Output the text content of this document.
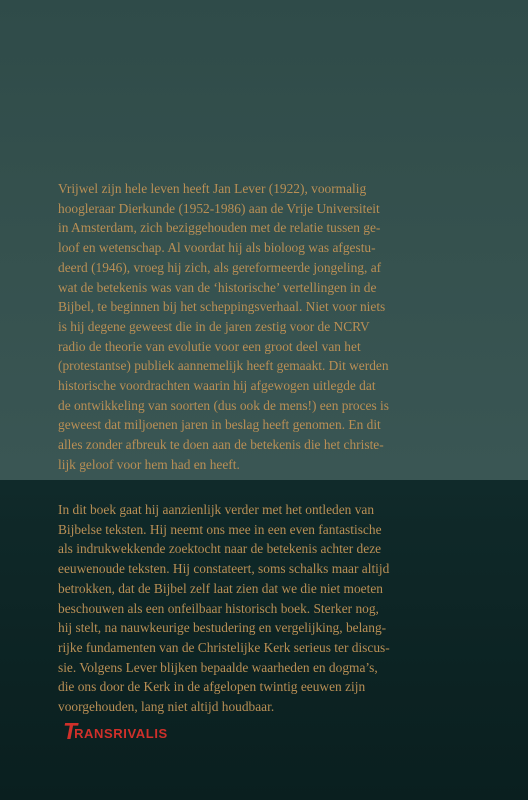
Vrijwel zijn hele leven heeft Jan Lever (1922), voormalig
hoogleraar Dierkunde (1952-1986) aan de Vrije Universiteit
in Amsterdam, zich beziggehouden met de relatie tussen ge-
loof en wetenschap. Al voordat hij als bioloog was afgestu-
deerd (1946), vroeg hij zich, als gereformeerde jongeling, af
wat de betekenis was van de ‘historische’ vertellingen in de
Bijbel, te beginnen bij het scheppingsverhaal. Niet voor niets
is hij degene geweest die in de jaren zestig voor de NCRV
radio de theorie van evolutie voor een groot deel van het
(protestantse) publiek aannemelijk heeft gemaakt. Dit werden
historische voordrachten waarin hij afgewogen uitlegde dat
de ontwikkeling van soorten (dus ook de mens!) een proces is
geweest dat miljoenen jaren in beslag heeft genomen. En dit
alles zonder afbreuk te doen aan de betekenis die het christe-
lijk geloof voor hem had en heeft.

In dit boek gaat hij aanzienlijk verder met het ontleden van
Bijbelse teksten. Hij neemt ons mee in een even fantastische
als indrukwekkende zoektocht naar de betekenis achter deze
eeuwenoude teksten. Hij constateert, soms schalks maar altijd
betrokken, dat de Bijbel zelf laat zien dat we die niet moeten
beschouwen als een onfeilbaar historisch boek. Sterker nog,
hij stelt, na nauwkeurige bestudering en vergelijking, belang-
rijke fundamenten van de Christelijke Kerk serieus ter discus-
sie. Volgens Lever blijken bepaalde waarheden en dogma’s,
die ons door de Kerk in de afgelopen twintig eeuwen zijn
voorgehouden, lang niet altijd houdbaar.

T
RANSRIVALIS
